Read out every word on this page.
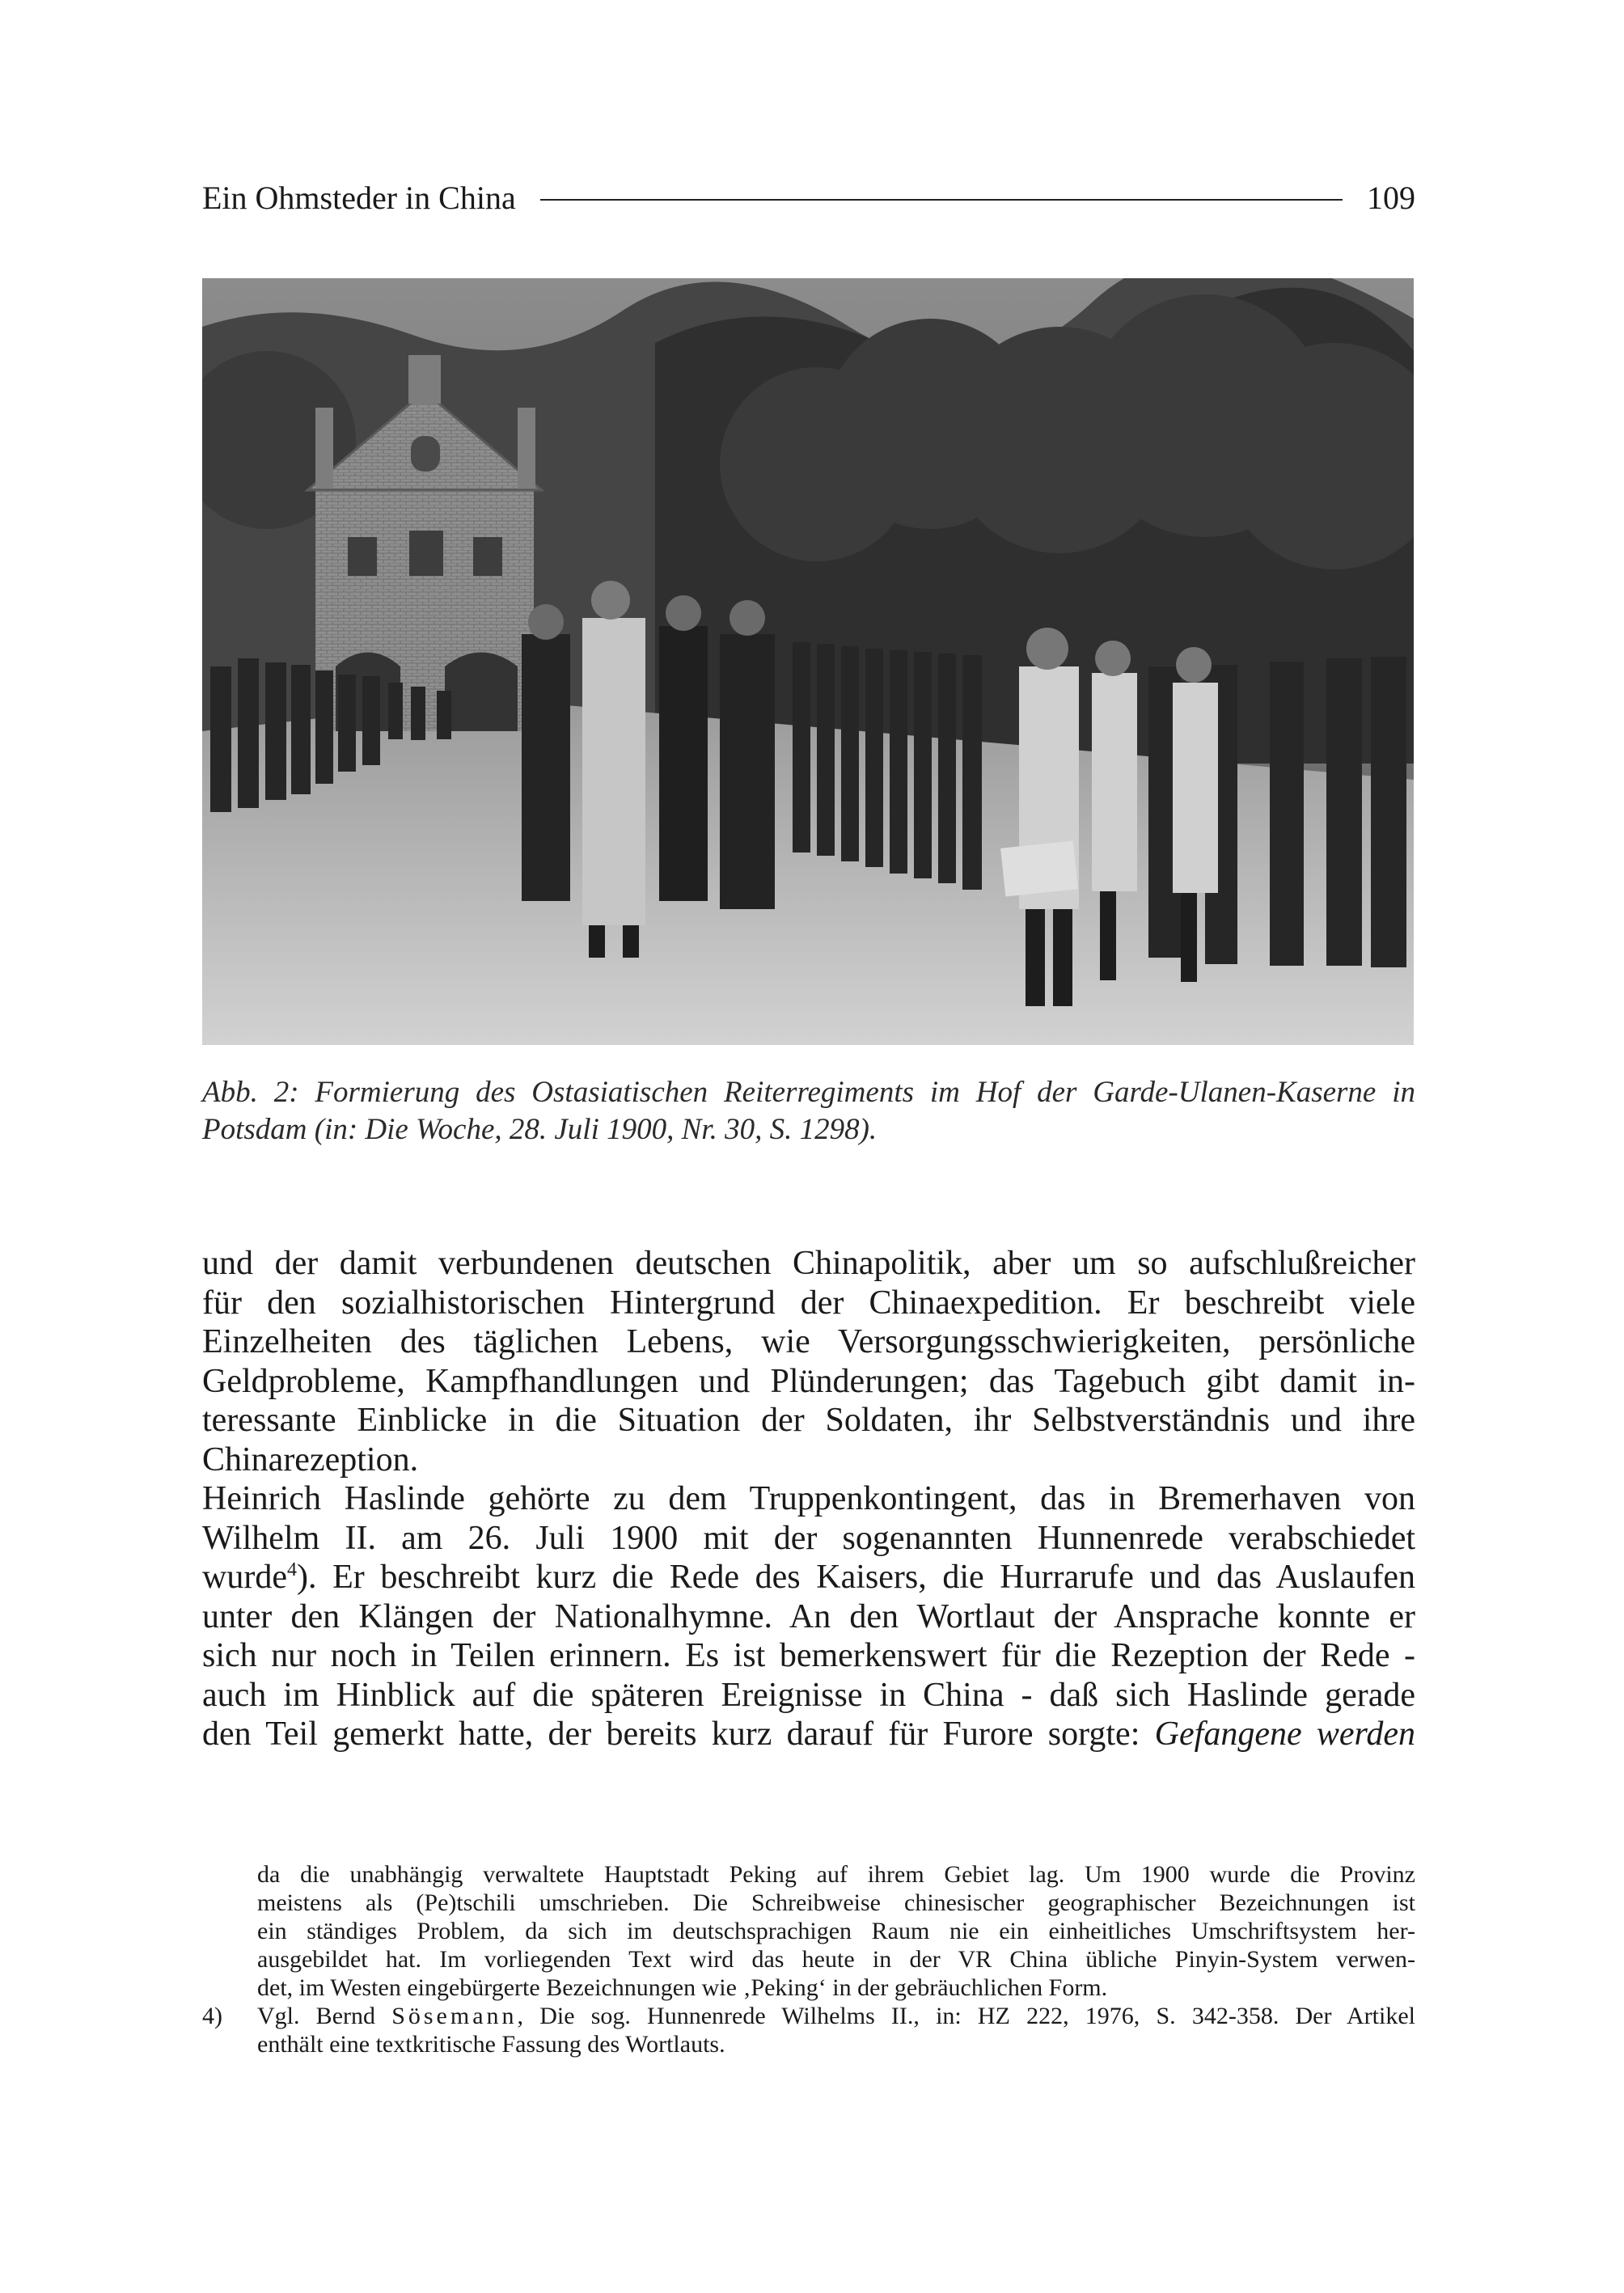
Ein Ohmsteder in China	109
Abb. 2: Formierung des Ostasiatischen Reiterregiments im Hof der Garde-Ulanen-Kaserne in
Potsdam (in: Die Woche, 28. Juli 1900, Nr. 30, S. 1298).
und der damit verbundenen deutschen Chinapolitik, aber um so aufschlußreicher
für den sozialhistorischen Hintergrund der Chinaexpedition. Er beschreibt viele
Einzelheiten des täglichen Lebens, wie Versorgungsschwierigkeiten, persönliche
Geldprobleme, Kampfhandlungen und Plünderungen; das Tagebuch gibt damit in-
teressante Einblicke in die Situation der Soldaten, ihr Selbstverständnis und ihre
Chinarezeption.
Heinrich Haslinde gehörte zu dem Truppenkontingent, das in Bremerhaven von
Wilhelm II. am 26. Juli 1900 mit der sogenannten Hunnenrede verabschiedet
wurde$^4$). Er beschreibt kurz die Rede des Kaisers, die Hurrarufe und das Auslaufen
unter den Klängen der Nationalhymne. An den Wortlaut der Ansprache konnte er
sich nur noch in Teilen erinnern. Es ist bemerkenswert für die Rezeption der Rede -
auch im Hinblick auf die späteren Ereignisse in China - daß sich Haslinde gerade
den Teil gemerkt hatte, der bereits kurz darauf für Furore sorgte: Gefangene werden
da die unabhängig verwaltete Hauptstadt Peking auf ihrem Gebiet lag. Um 1900 wurde die Provinz
meistens als (Pe)tschili umschrieben. Die Schreibweise chinesischer geographischer Bezeichnungen ist
ein ständiges Problem, da sich im deutschsprachigen Raum nie ein einheitliches Umschriftsystem her-
ausgebildet hat. Im vorliegenden Text wird das heute in der VR China übliche Pinyin-System verwen-
det, im Westen eingebürgerte Bezeichnungen wie ‚Peking‘ in der gebräuchlichen Form.
4)	Vgl. Bernd Sösemann, Die sog. Hunnenrede Wilhelms II., in: HZ 222, 1976, S. 342-358. Der Artikel
enthält eine textkritische Fassung des Wortlauts.
